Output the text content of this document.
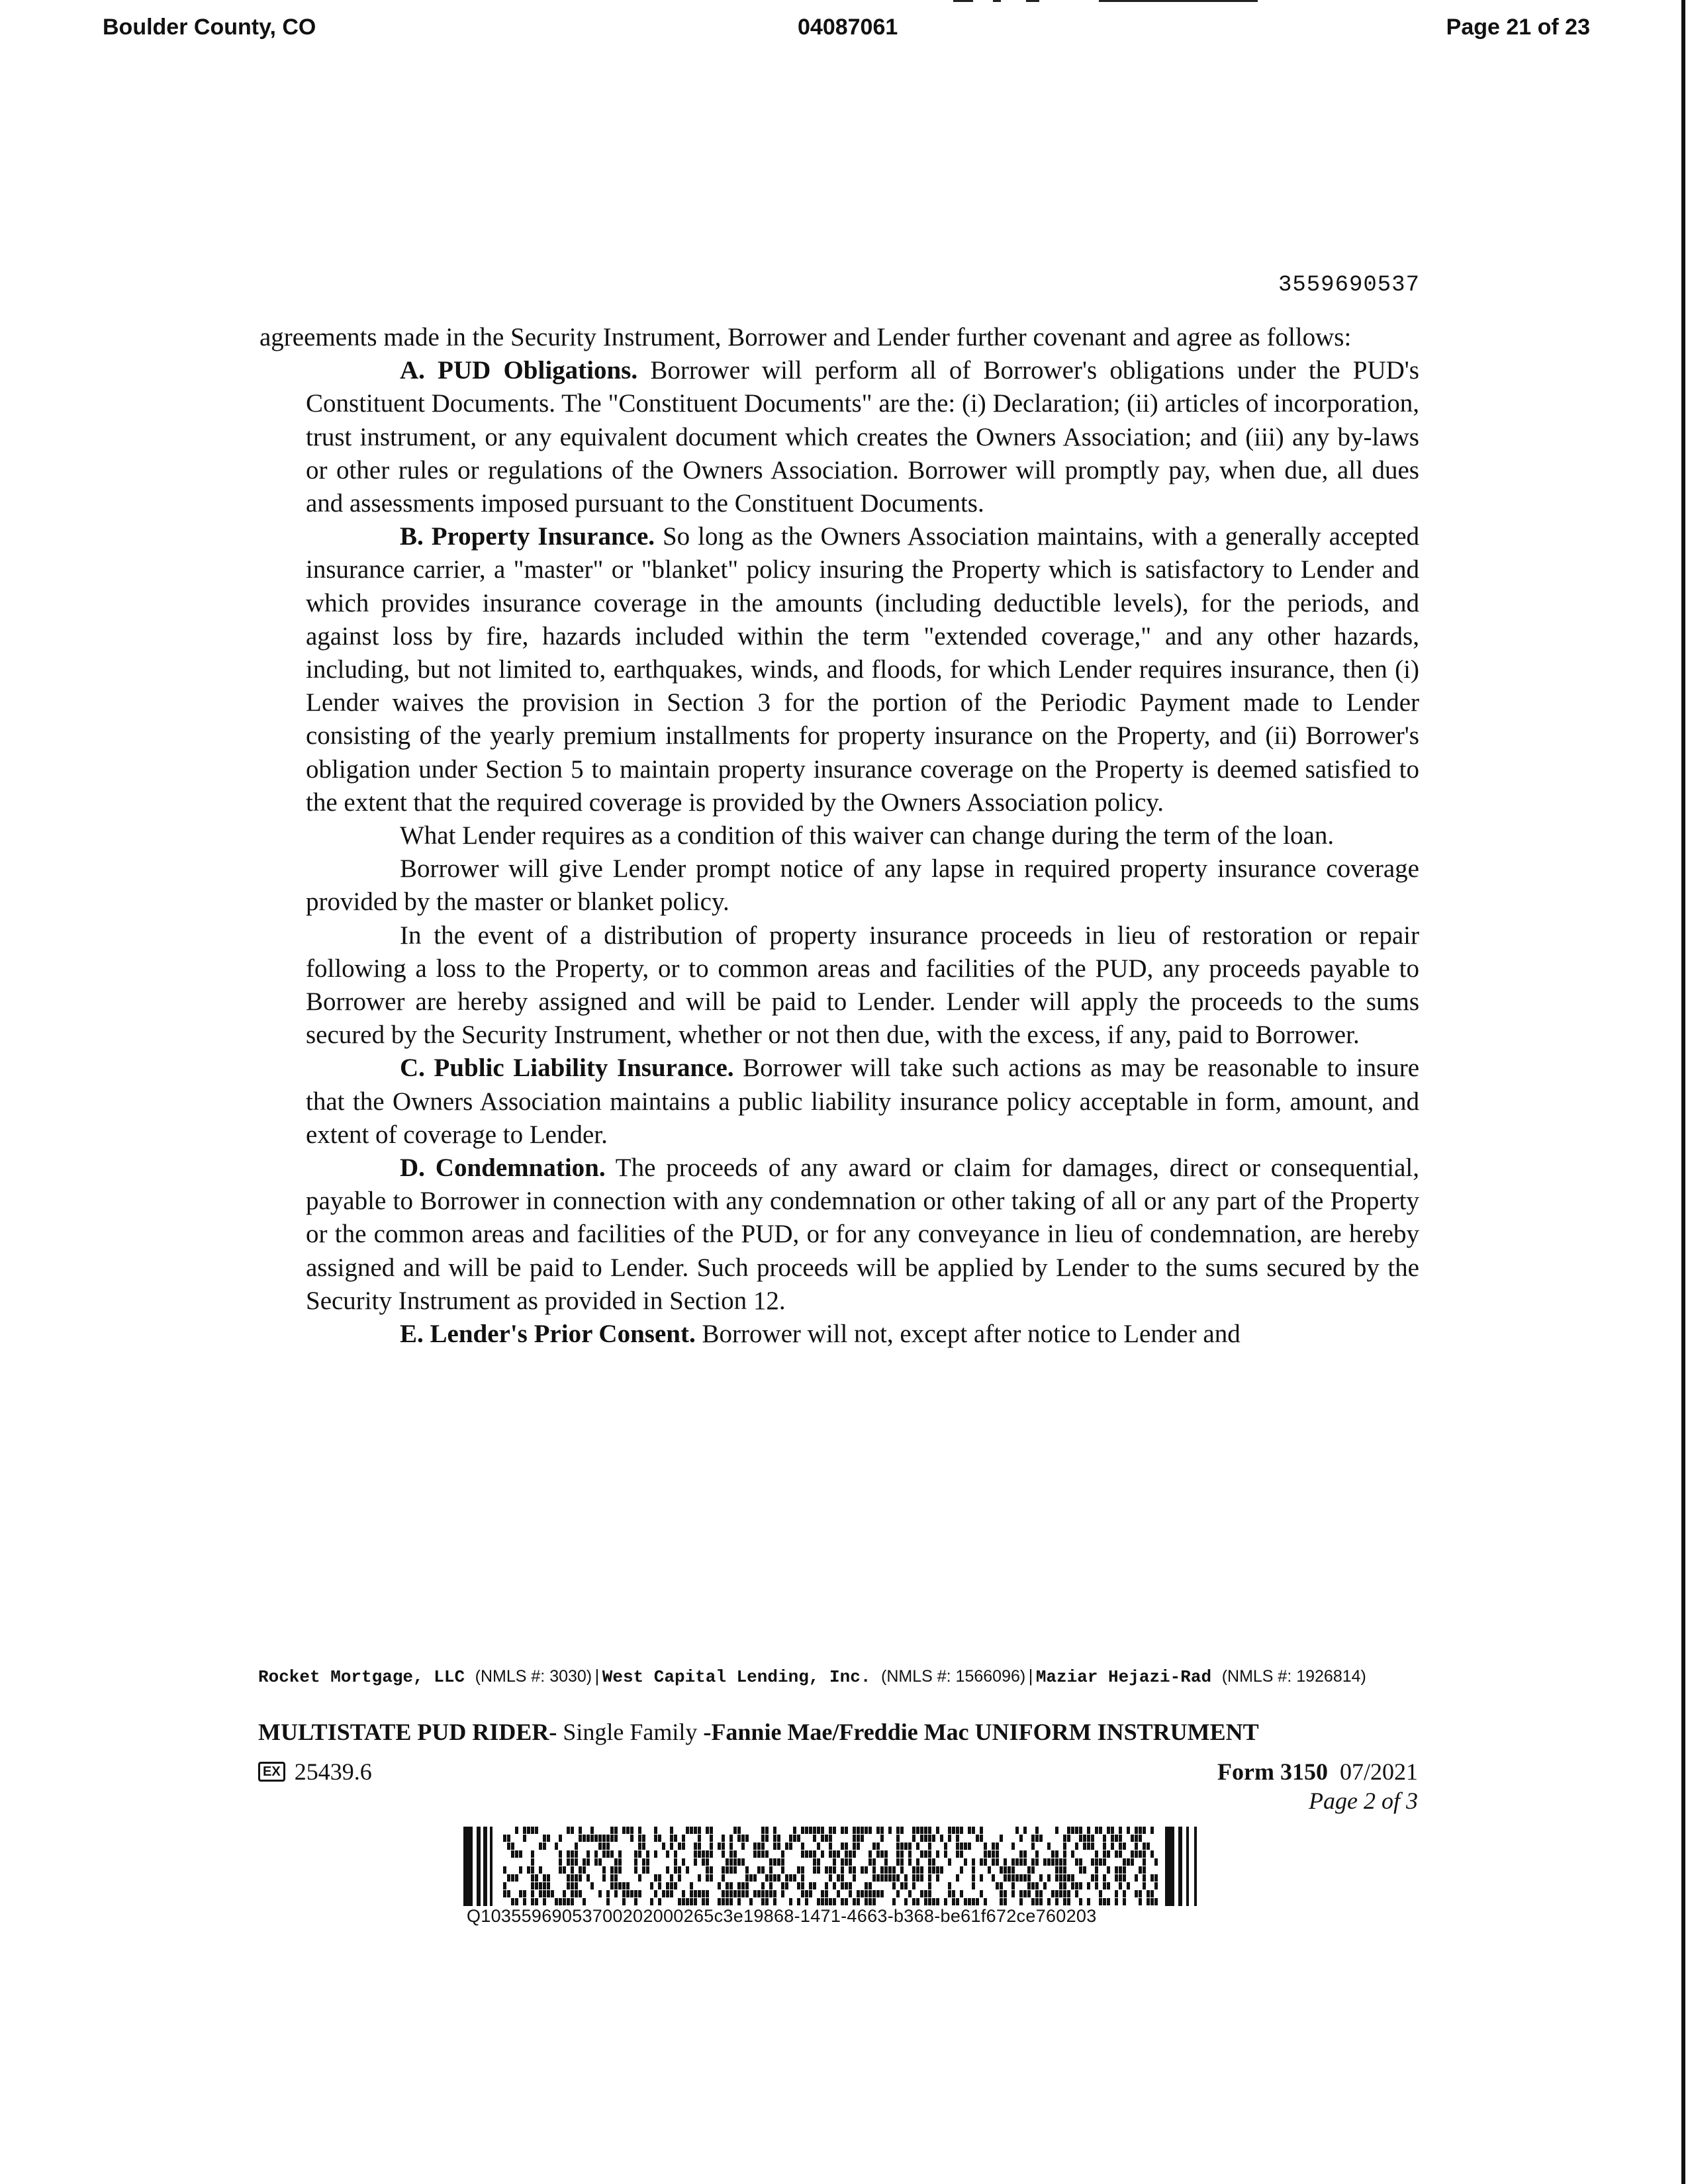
Boulder County, CO	04087061	Page 21 of 23
3559690537

agreements made in the Security Instrument, Borrower and Lender further covenant and agree as follows:

A. PUD Obligations. Borrower will perform all of Borrower's obligations under the PUD's Constituent Documents. The "Constituent Documents" are the: (i) Declaration; (ii) articles of incorporation, trust instrument, or any equivalent document which creates the Owners Association; and (iii) any by-laws or other rules or regulations of the Owners Association. Borrower will promptly pay, when due, all dues and assessments imposed pursuant to the Constituent Documents.

B. Property Insurance. So long as the Owners Association maintains, with a generally accepted insurance carrier, a "master" or "blanket" policy insuring the Property which is satisfactory to Lender and which provides insurance coverage in the amounts (including deductible levels), for the periods, and against loss by fire, hazards included within the term "extended coverage," and any other hazards, including, but not limited to, earthquakes, winds, and floods, for which Lender requires insurance, then (i) Lender waives the provision in Section 3 for the portion of the Periodic Payment made to Lender consisting of the yearly premium installments for property insurance on the Property, and (ii) Borrower's obligation under Section 5 to maintain property insurance coverage on the Property is deemed satisfied to the extent that the required coverage is provided by the Owners Association policy.

What Lender requires as a condition of this waiver can change during the term of the loan.

Borrower will give Lender prompt notice of any lapse in required property insurance coverage provided by the master or blanket policy.

In the event of a distribution of property insurance proceeds in lieu of restoration or repair following a loss to the Property, or to common areas and facilities of the PUD, any proceeds payable to Borrower are hereby assigned and will be paid to Lender. Lender will apply the proceeds to the sums secured by the Security Instrument, whether or not then due, with the excess, if any, paid to Borrower.

C. Public Liability Insurance. Borrower will take such actions as may be reasonable to insure that the Owners Association maintains a public liability insurance policy acceptable in form, amount, and extent of coverage to Lender.

D. Condemnation. The proceeds of any award or claim for damages, direct or consequential, payable to Borrower in connection with any condemnation or other taking of all or any part of the Property or the common areas and facilities of the PUD, or for any conveyance in lieu of condemnation, are hereby assigned and will be paid to Lender. Such proceeds will be applied by Lender to the sums secured by the Security Instrument as provided in Section 12.

E. Lender's Prior Consent. Borrower will not, except after notice to Lender and

Rocket Mortgage, LLC (NMLS #: 3030)|West Capital Lending, Inc. (NMLS #: 1566096)|Maziar Hejazi-Rad (NMLS #: 1926814)
MULTISTATE PUD RIDER- Single Family -Fannie Mae/Freddie Mac UNIFORM INSTRUMENT
EX 25439.6	Form 3150 07/2021
Page 2 of 3
Q10355969053700202000265c3e19868-1471-4663-b368-be61f672ce760203
